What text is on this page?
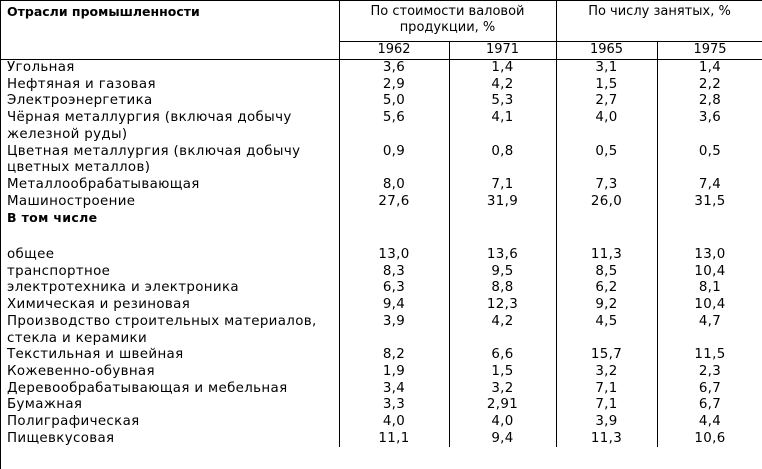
Отрасли промышленности	По стоимости валовой продукции, %		По числу занятых, %	
	1962	1971	1965	1975
Угольная	3,6	1,4	3,1	1,4
Нефтяная и газовая	2,9	4,2	1,5	2,2
Электроэнергетика	5,0	5,3	2,7	2,8
Чёрная металлургия (включая добычу железной руды)	5,6	4,1	4,0	3,6
Цветная металлургия (включая добычу цветных металлов)	0,9	0,8	0,5	0,5
Металлообрабатывающая	8,0	7,1	7,3	7,4
Машиностроение	27,6	31,9	26,0	31,5
В том числе				

общее	13,0	13,6	11,3	13,0
транспортное	8,3	9,5	8,5	10,4
электротехника и электроника	6,3	8,8	6,2	8,1
Химическая и резиновая	9,4	12,3	9,2	10,4
Производство строительных материалов, стекла и керамики	3,9	4,2	4,5	4,7
Текстильная и швейная	8,2	6,6	15,7	11,5
Кожевенно-обувная	1,9	1,5	3,2	2,3
Деревообрабатывающая и мебельная	3,4	3,2	7,1	6,7
Бумажная	3,3	2,91	7,1	6,7
Полиграфическая	4,0	4,0	3,9	4,4
Пищевкусовая	11,1	9,4	11,3	10,6
